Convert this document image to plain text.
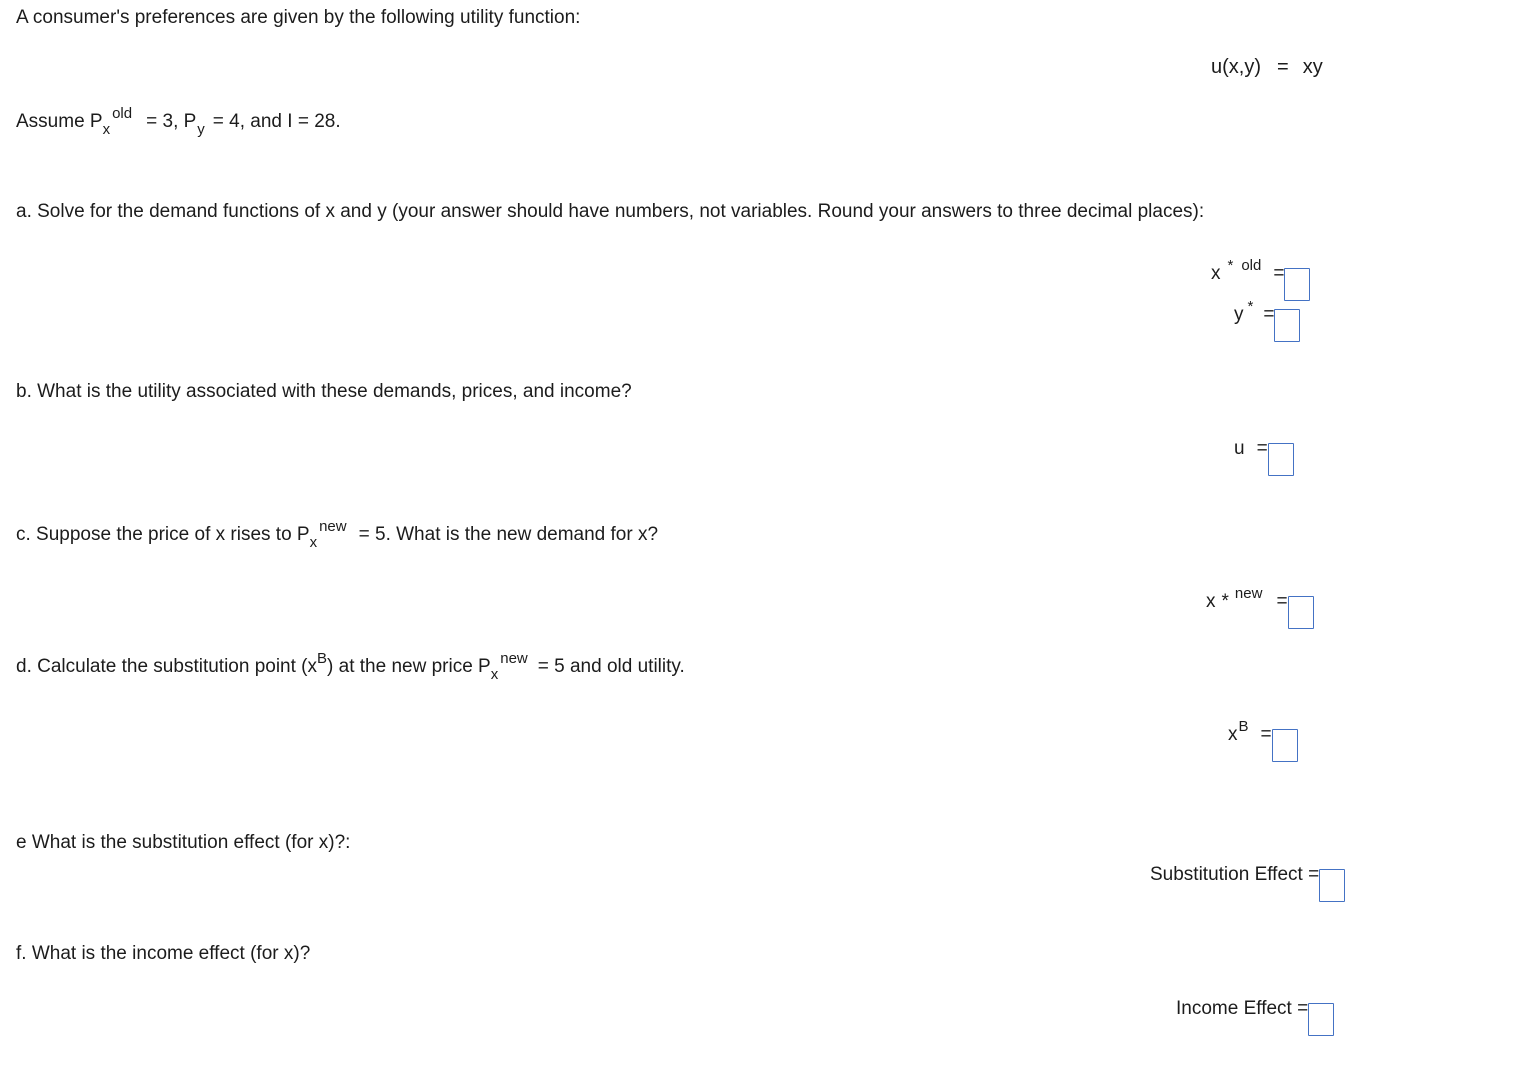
A consumer's preferences are given by the following utility function:
u(x,y) = xy
Assume Pxold = 3, Py = 4, and I = 28.
a. Solve for the demand functions of x and y (your answer should have numbers, not variables. Round your answers to three decimal places):
x * old =
y * =
b. What is the utility associated with these demands, prices, and income?
u =
c. Suppose the price of x rises to Pxnew = 5. What is the new demand for x?
x * new =
d. Calculate the substitution point (xB) at the new price Pxnew = 5 and old utility.
xB =
e What is the substitution effect (for x)?:
Substitution Effect =
f. What is the income effect (for x)?
Income Effect =
